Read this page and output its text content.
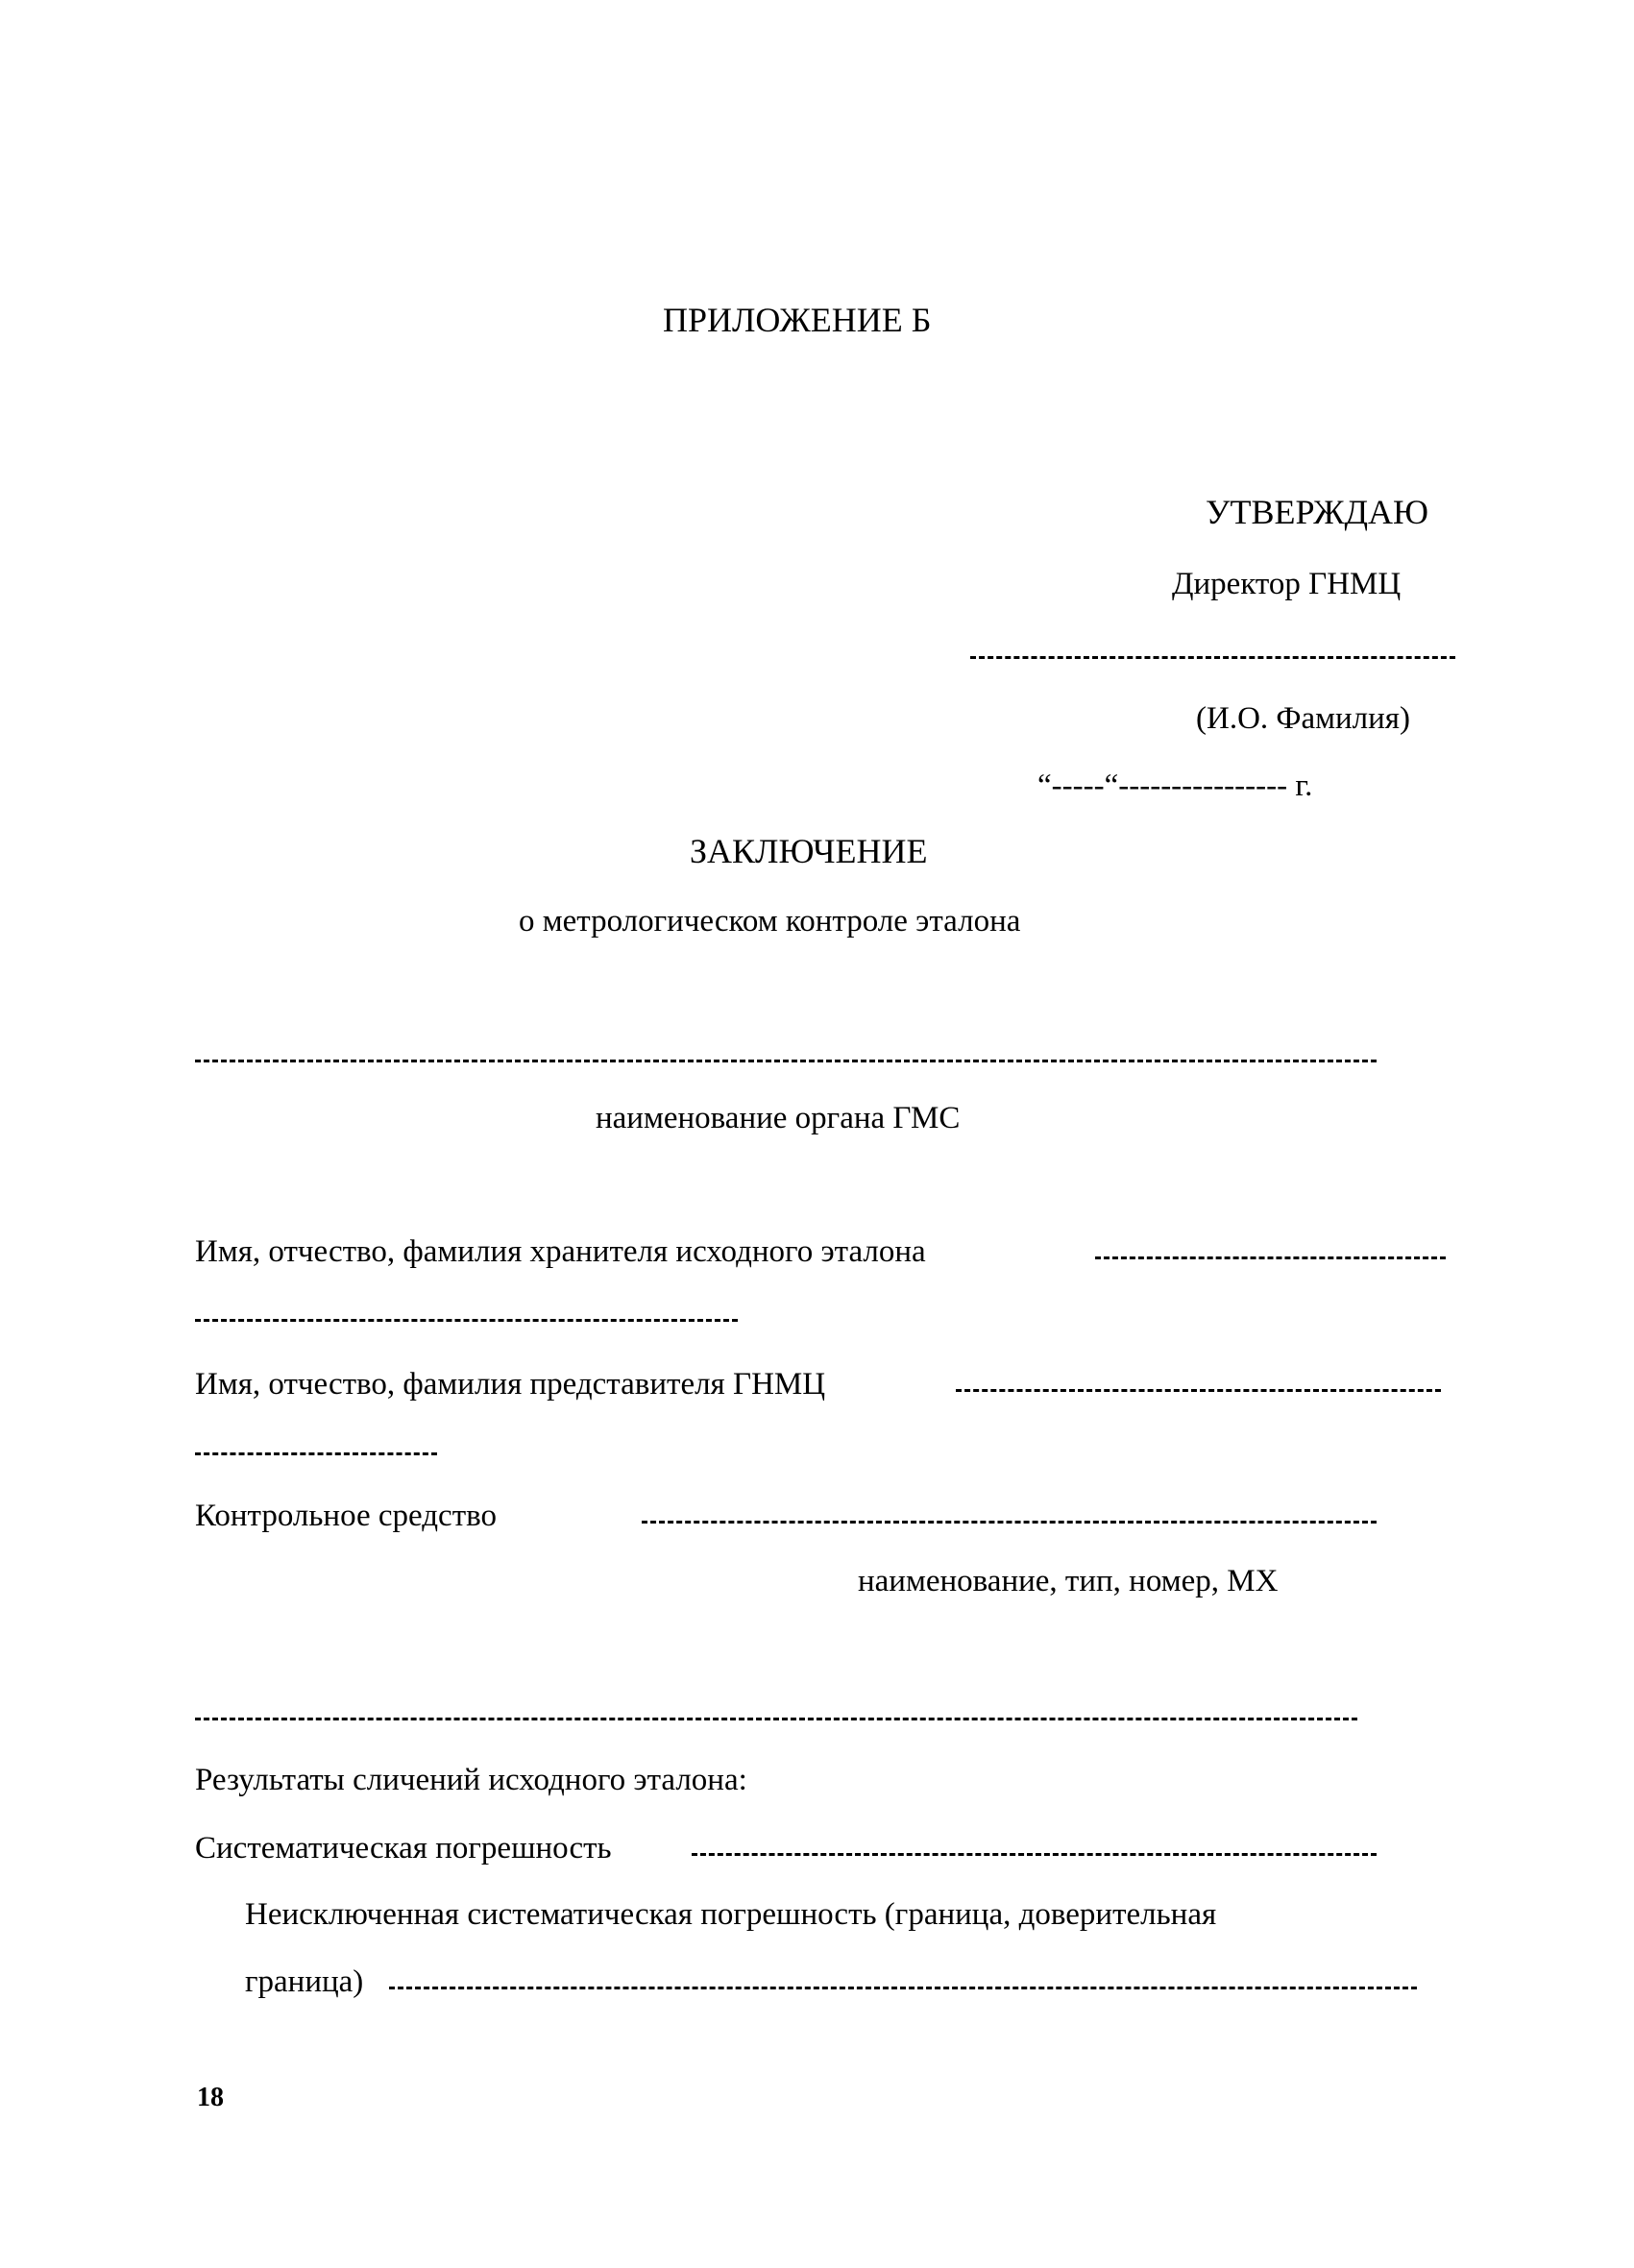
ПРИЛОЖЕНИЕ Б
УТВЕРЖДАЮ
Директор ГНМЦ
(И.О. Фамилия)
“-----“---------------- г.
ЗАКЛЮЧЕНИЕ
о метрологическом контроле эталона
наименование органа ГМС
Имя, отчество, фамилия хранителя исходного эталона
Имя, отчество, фамилия представителя ГНМЦ
Контрольное средство
наименование, тип, номер, МХ
Результаты сличений исходного эталона:
Систематическая погрешность
Неисключенная систематическая погрешность (граница, доверительная
граница)
18
